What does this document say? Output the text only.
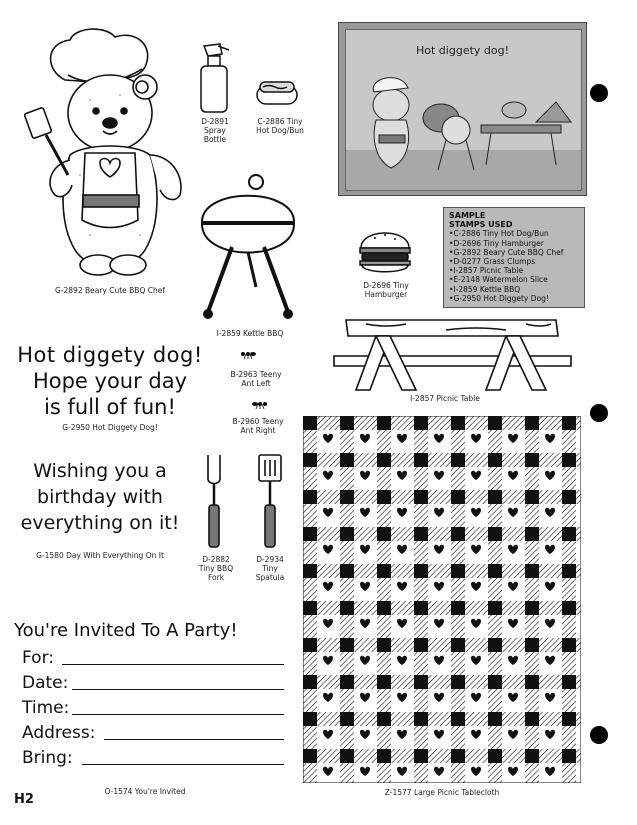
G-2892 Beary Cute BBQ Chef
D-2891
Spray
Bottle
C-2886 Tiny
Hot Dog/Bun
I-2859 Kettle BBQ
Hot diggety dog!
SAMPLE
STAMPS USED
• C-2886 Tiny Hot Dog/Bun
• D-2696 Tiny Hamburger
• G-2892 Beary Cute BBQ Chef
• D-0277 Grass Clumps
• I-2857 Picnic Table
• E-2148 Watermelon Slice
• I-2859 Kettle BBQ
• G-2950 Hot Diggety Dog!
D-2696 Tiny
Hamburger
I-2857 Picnic Table
B-2963 Teeny
Ant Left
B-2960 Teeny
Ant Right
Hot diggety dog!
Hope your day
is full of fun!
G-2950 Hot Diggety Dog!
Wishing you a
birthday with
everything on it!
G-1580 Day With Everything On It	D-2882
Tiny BBQ
Fork
D-2934
Tiny
Spatula
You're Invited To A Party!
For:
Date:
Time:
Address:
Bring:
O-1574 You're Invited	Z-1577 Large Picnic Tablecloth
H2
